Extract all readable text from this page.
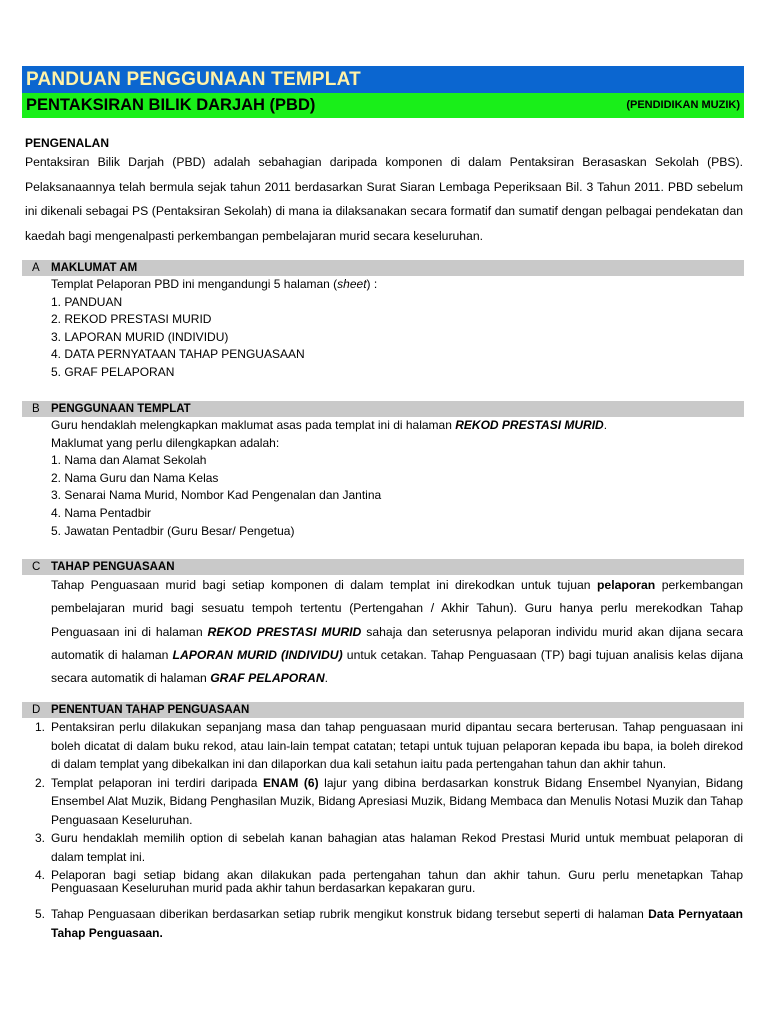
PANDUAN PENGGUNAAN TEMPLAT
PENTAKSIRAN BILIK DARJAH (PBD)	(PENDIDIKAN MUZIK)
PENGENALAN

Pentaksiran Bilik Darjah (PBD) adalah sebahagian daripada komponen di dalam Pentaksiran Berasaskan Sekolah (PBS). Pelaksanaannya telah bermula sejak tahun 2011 berdasarkan Surat Siaran Lembaga Peperiksaan Bil. 3 Tahun 2011. PBD sebelum ini dikenali sebagai PS (Pentaksiran Sekolah) di mana ia dilaksanakan secara formatif dan sumatif dengan pelbagai pendekatan dan kaedah bagi mengenalpasti perkembangan pembelajaran murid secara keseluruhan.

A MAKLUMAT AM
Templat Pelaporan PBD ini mengandungi 5 halaman (sheet) :
1. PANDUAN
2. REKOD PRESTASI MURID
3. LAPORAN MURID (INDIVIDU)
4. DATA PERNYATAAN TAHAP PENGUASAAN
5. GRAF PELAPORAN
B PENGGUNAAN TEMPLAT
Guru hendaklah melengkapkan maklumat asas pada templat ini di halaman REKOD PRESTASI MURID.
Maklumat yang perlu dilengkapkan adalah:
1. Nama dan Alamat Sekolah
2. Nama Guru dan Nama Kelas
3. Senarai Nama Murid, Nombor Kad Pengenalan dan Jantina
4. Nama Pentadbir
5. Jawatan Pentadbir (Guru Besar/ Pengetua)
C TAHAP PENGUASAAN

Tahap Penguasaan murid bagi setiap komponen di dalam templat ini direkodkan untuk tujuan pelaporan perkembangan pembelajaran murid bagi sesuatu tempoh tertentu (Pertengahan / Akhir Tahun). Guru hanya perlu merekodkan Tahap Penguasaan ini di halaman REKOD PRESTASI MURID sahaja dan seterusnya pelaporan individu murid akan dijana secara automatik di halaman LAPORAN MURID (INDIVIDU) untuk cetakan. Tahap Penguasaan (TP) bagi tujuan analisis kelas dijana secara automatik di halaman GRAF PELAPORAN.

D PENENTUAN TAHAP PENGUASAAN
1. Pentaksiran perlu dilakukan sepanjang masa dan tahap penguasaan murid dipantau secara berterusan. Tahap penguasaan ini boleh dicatat di dalam buku rekod, atau lain-lain tempat catatan; tetapi untuk tujuan pelaporan kepada ibu bapa, ia boleh direkod di dalam templat yang dibekalkan ini dan dilaporkan dua kali setahun iaitu pada pertengahan tahun dan akhir tahun.
2. Templat pelaporan ini terdiri daripada ENAM (6) lajur yang dibina berdasarkan konstruk Bidang Ensembel Nyanyian, Bidang Ensembel Alat Muzik, Bidang Penghasilan Muzik, Bidang Apresiasi Muzik, Bidang Membaca dan Menulis Notasi Muzik dan Tahap Penguasaan Keseluruhan.
3. Guru hendaklah memilih option di sebelah kanan bahagian atas halaman Rekod Prestasi Murid untuk membuat pelaporan di dalam templat ini.
4. Pelaporan bagi setiap bidang akan dilakukan pada pertengahan tahun dan akhir tahun. Guru perlu menetapkan Tahap Penguasaan Keseluruhan murid pada akhir tahun berdasarkan kepakaran guru.
5. Tahap Penguasaan diberikan berdasarkan setiap rubrik mengikut konstruk bidang tersebut seperti di halaman Data Pernyataan Tahap Penguasaan.
